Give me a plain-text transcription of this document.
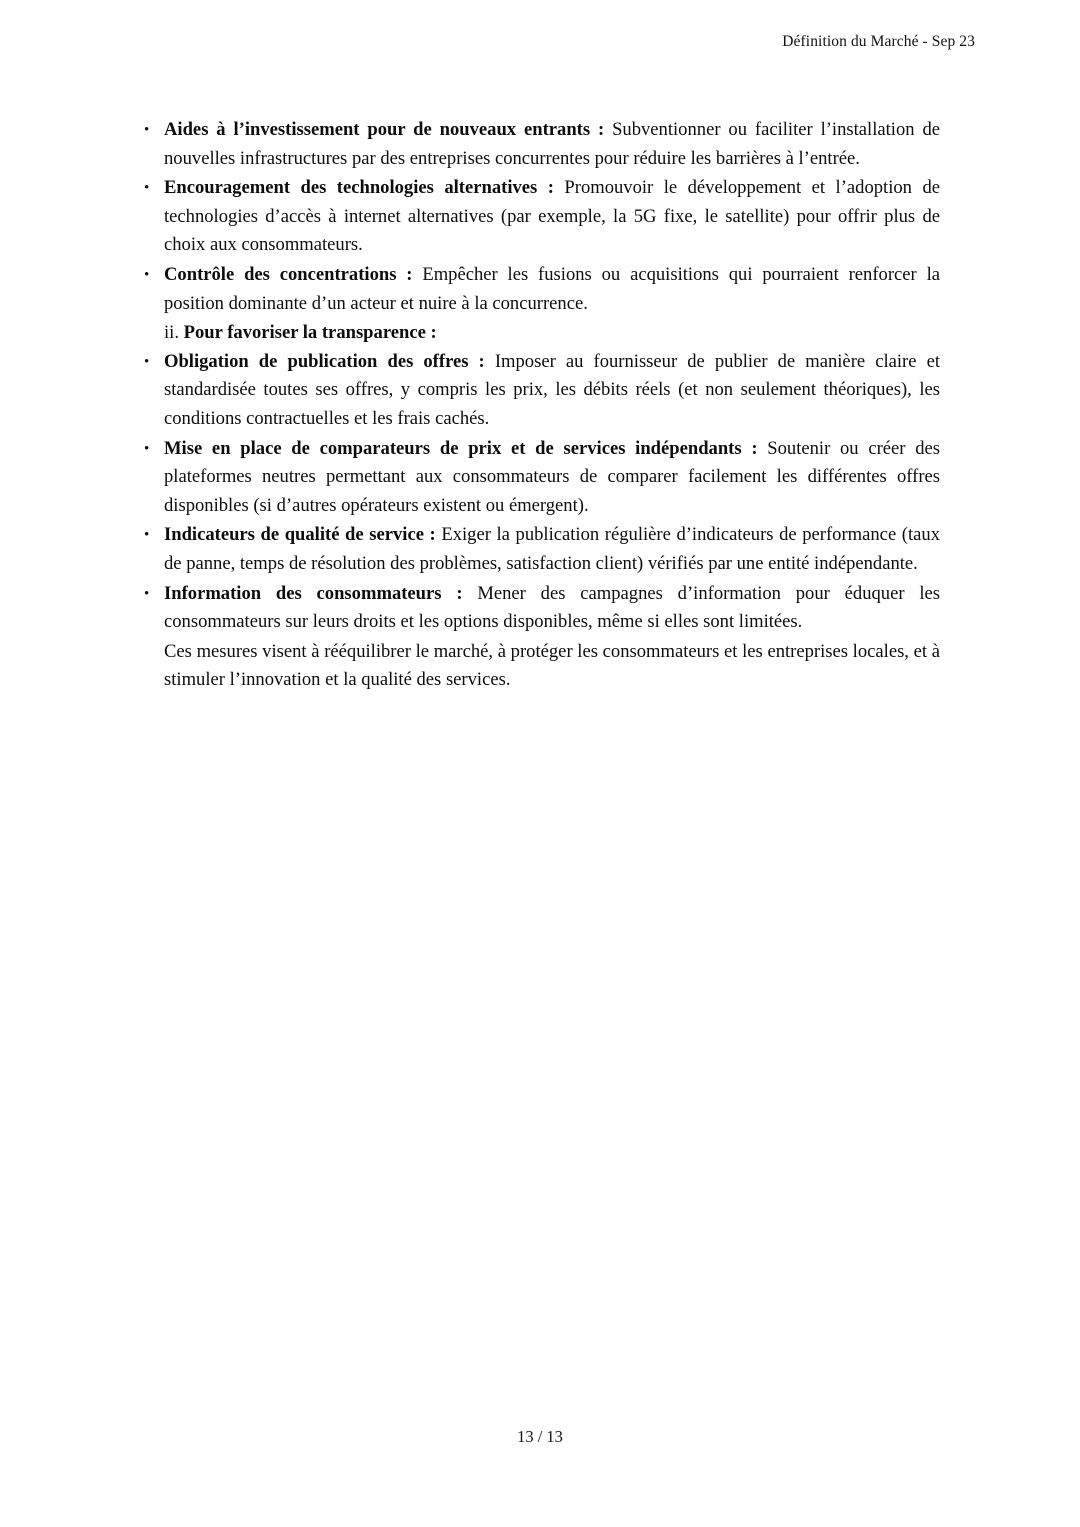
Définition du Marché - Sep 23
• Aides à l’investissement pour de nouveaux entrants : Subventionner ou faciliter l’installation de nouvelles infrastructures par des entreprises concurrentes pour réduire les barrières à l’entrée.
• Encouragement des technologies alternatives : Promouvoir le développement et l’adoption de technologies d’accès à internet alternatives (par exemple, la 5G fixe, le satellite) pour offrir plus de choix aux consommateurs.
• Contrôle des concentrations : Empêcher les fusions ou acquisitions qui pourraient renforcer la position dominante d’un acteur et nuire à la concurrence.
ii. Pour favoriser la transparence :
• Obligation de publication des offres : Imposer au fournisseur de publier de manière claire et standardisée toutes ses offres, y compris les prix, les débits réels (et non seulement théoriques), les conditions contractuelles et les frais cachés.
• Mise en place de comparateurs de prix et de services indépendants : Soutenir ou créer des plateformes neutres permettant aux consommateurs de comparer facilement les différentes offres disponibles (si d’autres opérateurs existent ou émergent).
• Indicateurs de qualité de service : Exiger la publication régulière d’indicateurs de performance (taux de panne, temps de résolution des problèmes, satisfaction client) vérifiés par une entité indépendante.
• Information des consommateurs : Mener des campagnes d’information pour éduquer les consommateurs sur leurs droits et les options disponibles, même si elles sont limitées.

Ces mesures visent à rééquilibrer le marché, à protéger les consommateurs et les entreprises locales, et à stimuler l’innovation et la qualité des services.

13 / 13
